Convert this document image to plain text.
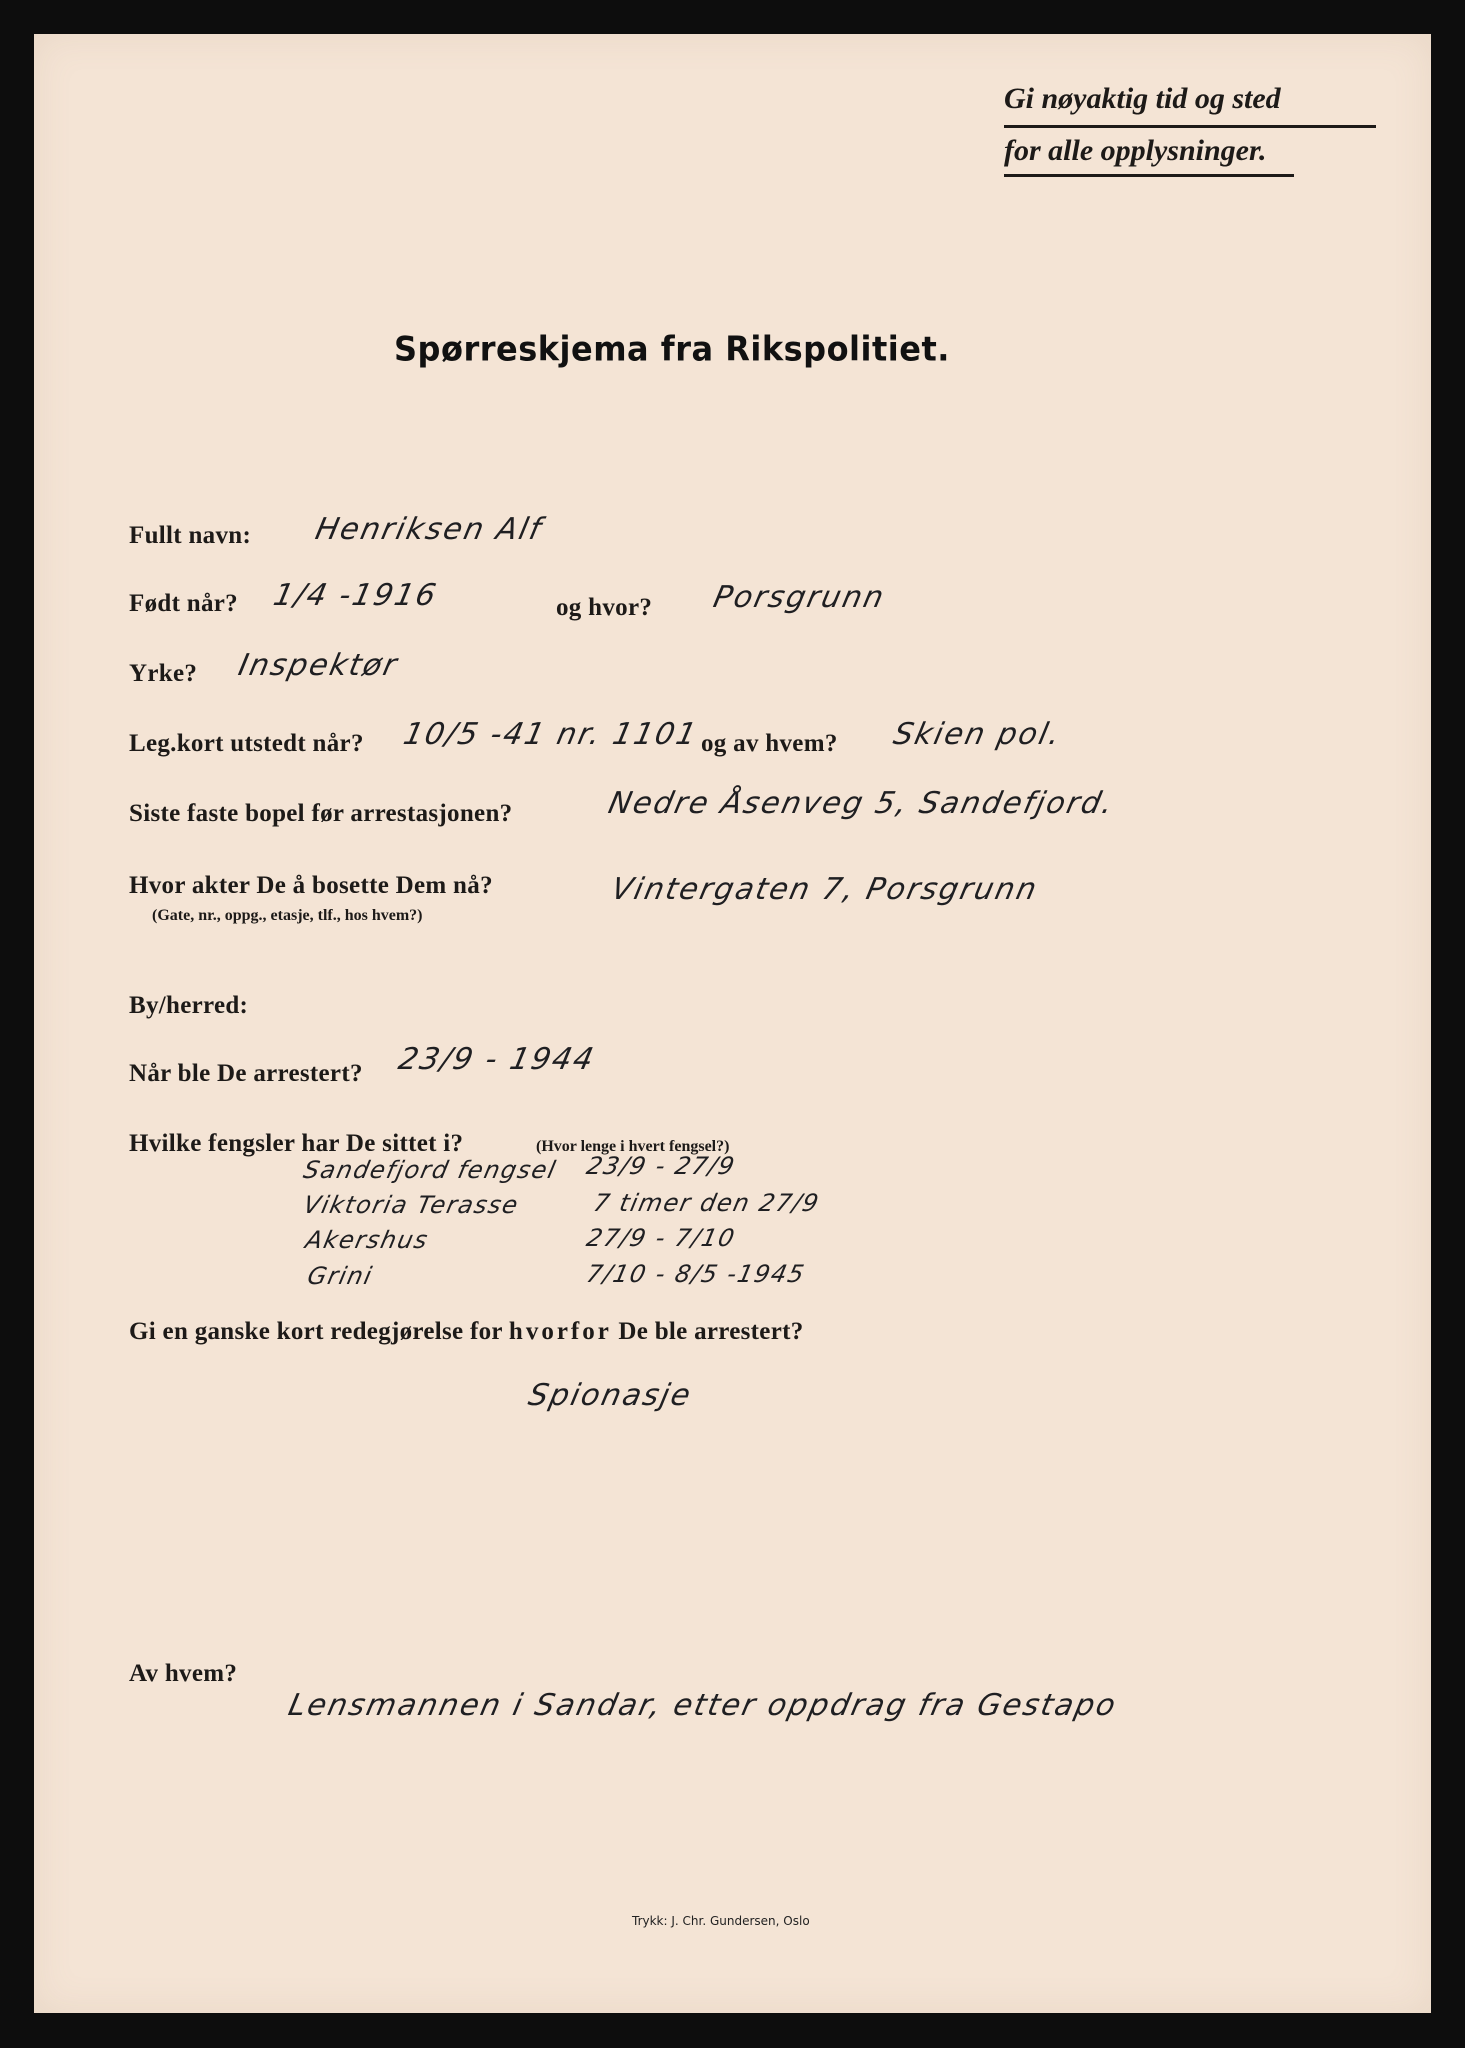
Gi nøyaktig tid og sted
for alle opplysninger.
Spørreskjema fra Rikspolitiet.
Fullt navn: Henriksen Alf
Født når? 1/4 -1916	og hvor? Porsgrunn
Yrke? Inspektør
Leg.kort utstedt når? 10/5 -41 nr. 1101 og av hvem? Skien pol.
Siste faste bopel før arrestasjonen?	Nedre Åsenveg 5, Sandefjord.
Hvor akter De å bosette Dem nå?
(Gate, nr., oppg., etasje, tlf., hos hvem?)
Vintergaten 7, Porsgrunn
By/herred:
Når ble De arrestert? 23/9 - 1944
Hvilke fengsler har De sittet i?	(Hvor lenge i hvert fengsel?)
Sandefjord fengsel 23/9 - 27/9
Viktoria Terasse	7 timer den 27/9
Akershus	27/9 - 7/10
Grini	7/10 - 8/5 -1945
Gi en ganske kort redegjørelse for hvorfor De ble arrestert?
Spionasje
Av hvem?
Lensmannen i Sandar, etter oppdrag fra Gestapo
Trykk: J. Chr. Gundersen, Oslo
